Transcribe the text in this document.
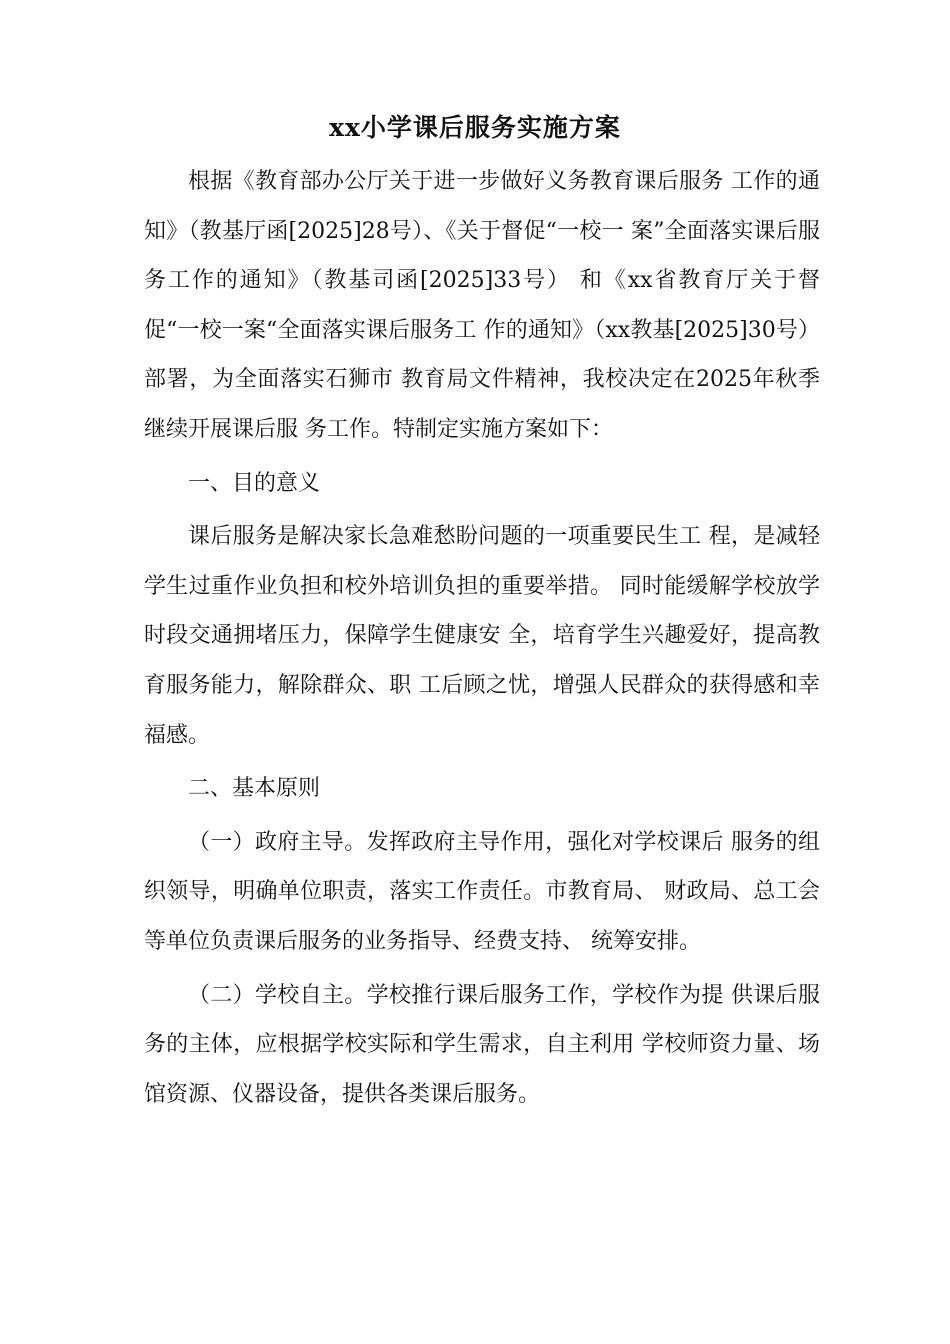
xx小学课后服务实施方案

根据《教育部办公厅关于进一步做好义务教育课后服务 工作的通知》（教基厅函[2025]28号）、《关于督促“一校一 案”全面落实课后服务工作的通知》（教基司函[2025]33号） 和《xx省教育厅关于督促“一校一案“全面落实课后服务工 作的通知》（xx教基[2025]30号）部署，为全面落实石狮市 教育局文件精神，我校决定在2025年秋季继续开展课后服 务工作。特制定实施方案如下：

一、目的意义

课后服务是解决家长急难愁盼问题的一项重要民生工 程，是减轻学生过重作业负担和校外培训负担的重要举措。 同时能缓解学校放学时段交通拥堵压力，保障学生健康安 全，培育学生兴趣爱好，提高教育服务能力，解除群众、职 工后顾之忧，增强人民群众的获得感和幸福感。

二、基本原则

（一）政府主导。发挥政府主导作用，强化对学校课后 服务的组织领导，明确单位职责，落实工作责任。市教育局、 财政局、总工会等单位负责课后服务的业务指导、经费支持、 统筹安排。

（二）学校自主。学校推行课后服务工作，学校作为提 供课后服务的主体，应根据学校实际和学生需求，自主利用 学校师资力量、场馆资源、仪器设备，提供各类课后服务。
